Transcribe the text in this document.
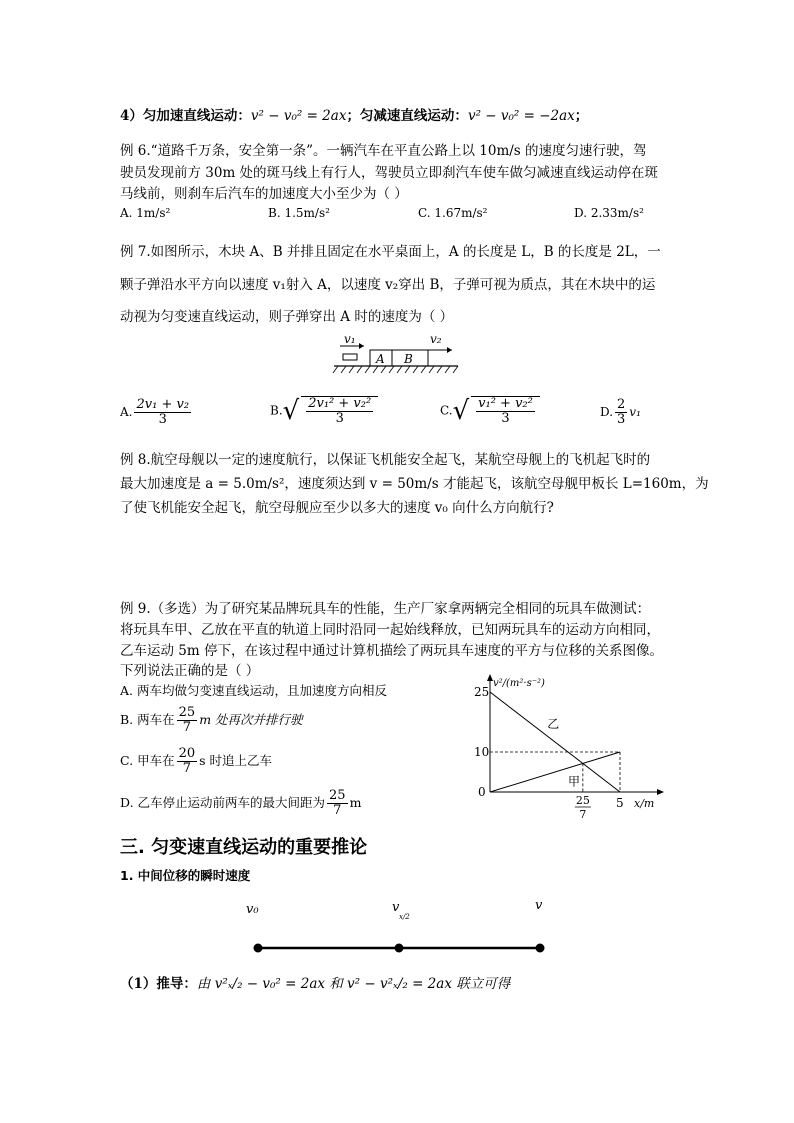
4）匀加速直线运动：v² − v₀² = 2ax；匀减速直线运动：v² − v₀² = −2ax；
例 6.“道路千万条，安全第一条”。一辆汽车在平直公路上以 10m/s 的速度匀速行驶，驾
驶员发现前方 30m 处的斑马线上有行人，驾驶员立即刹汽车使车做匀减速直线运动停在斑
马线前，则刹车后汽车的加速度大小至少为（ ）
A. 1m/s²	B. 1.5m/s²	C. 1.67m/s²	D. 2.33m/s²
例 7.如图所示，木块 A、B 并排且固定在水平桌面上，A 的长度是 L，B 的长度是 2L，一
颗子弹沿水平方向以速度 v₁射入 A，以速度 v₂穿出 B，子弹可视为质点，其在木块中的运
动视为匀变速直线运动，则子弹穿出 A 时的速度为（ ）
v₁
A B
v₂
A. $\frac{\text{2v₁ + v₂}}{3}$	$B.√ \frac{\text{2v₁² + v₂²}}{3}$	$C.√ \frac{\text{v₁² + v₂²}}{3}$	D. $\frac{2}{3} v_1$
例 8.航空母舰以一定的速度航行，以保证飞机能安全起飞，某航空母舰上的飞机起飞时的
最大加速度是 a = 5.0m/s²，速度须达到 v = 50m/s 才能起飞，该航空母舰甲板长 L=160m，为
了使飞机能安全起飞，航空母舰应至少以多大的速度 v₀ 向什么方向航行?
例 9.（多选）为了研究某品牌玩具车的性能，生产厂家拿两辆完全相同的玩具车做测试：
将玩具车甲、乙放在平直的轨道上同时沿同一起始线释放，已知两玩具车的运动方向相同，
乙车运动 5m 停下，在该过程中通过计算机描绘了两玩具车速度的平方与位移的关系图像。
下列说法正确的是（ ）
A. 两车均做匀变速直线运动，且加速度方向相反
B. 两车在 $\frac{25}{7}$ m 处再次并排行驶
C. 甲车在 $\frac{20}{7}$ s 时追上乙车
D. 乙车停止运动前两车的最大间距为 $\frac{25}{7}$ m
v²/(m²·s⁻²)
x/m
0
25
10
5
乙
甲
25
7
三. 匀变速直线运动的重要推论
1. 中间位移的瞬时速度
v₀	v
x/2
v
（1）推导：由 v²ₓ/₂ − v₀² = 2ax 和 v² − v²ₓ/₂ = 2ax 联立可得
